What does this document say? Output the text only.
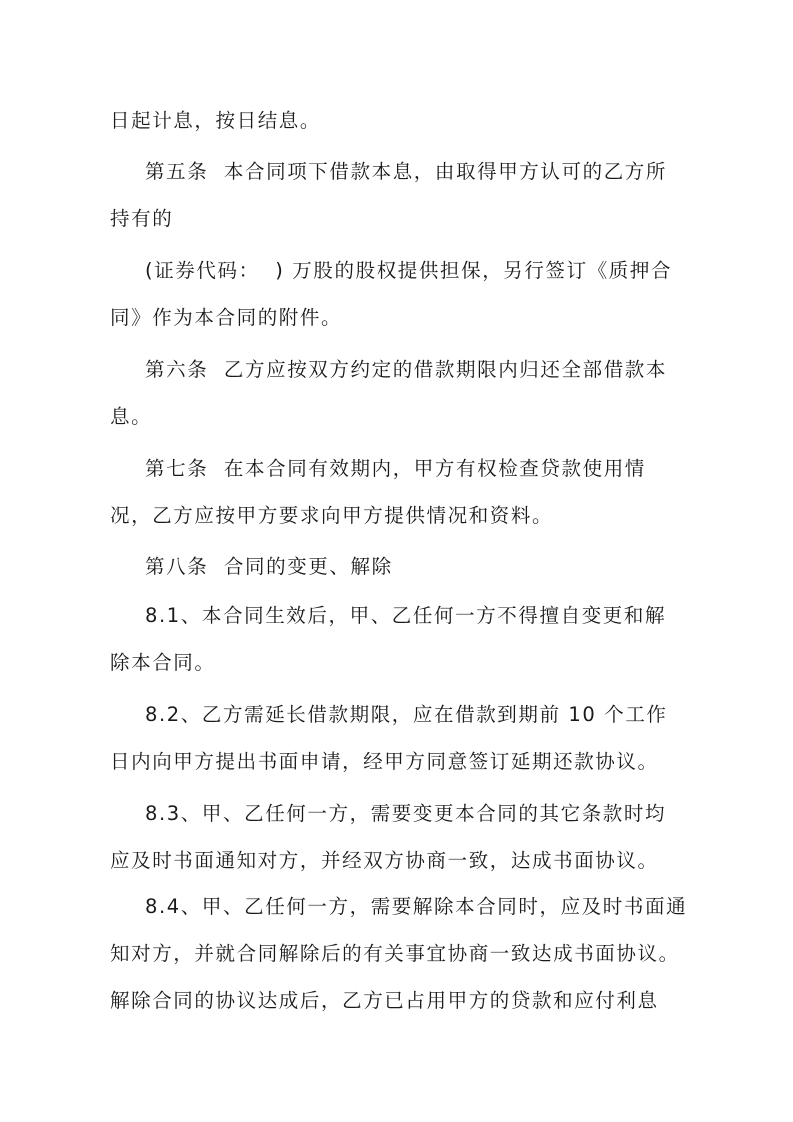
日起计息，按日结息。

第五条  本合同项下借款本息，由取得甲方认可的乙方所持有的

(证券代码：  ) 万股的股权提供担保，另行签订《质押合同》作为本合同的附件。

第六条  乙方应按双方约定的借款期限内归还全部借款本息。

第七条  在本合同有效期内，甲方有权检查贷款使用情况，乙方应按甲方要求向甲方提供情况和资料。

第八条  合同的变更、解除

8.1、本合同生效后，甲、乙任何一方不得擅自变更和解除本合同。

8.2、乙方需延长借款期限，应在借款到期前 10 个工作日内向甲方提出书面申请，经甲方同意签订延期还款协议。

8.3、甲、乙任何一方，需要变更本合同的其它条款时均应及时书面通知对方，并经双方协商一致，达成书面协议。

8.4、甲、乙任何一方，需要解除本合同时，应及时书面通知对方，并就合同解除后的有关事宜协商一致达成书面协议。解除合同的协议达成后，乙方已占用甲方的贷款和应付利息
